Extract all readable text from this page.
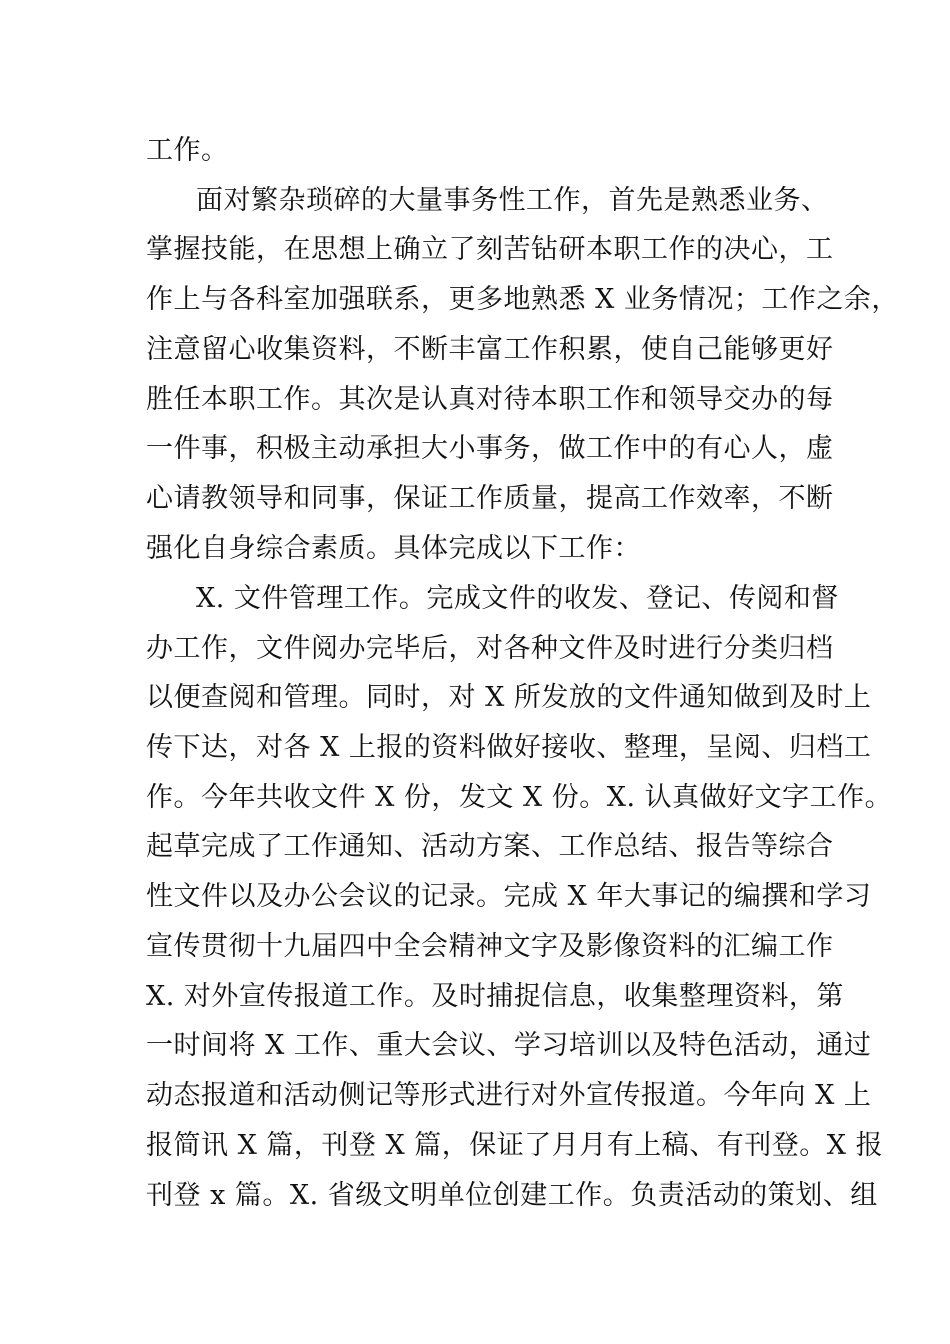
工作。
面对繁杂琐碎的大量事务性工作，首先是熟悉业务、
掌握技能，在思想上确立了刻苦钻研本职工作的决心，工
作上与各科室加强联系，更多地熟悉 X 业务情况；工作之余，
注意留心收集资料，不断丰富工作积累，使自己能够更好
胜任本职工作。其次是认真对待本职工作和领导交办的每
一件事，积极主动承担大小事务，做工作中的有心人，虚
心请教领导和同事，保证工作质量，提高工作效率，不断
强化自身综合素质。具体完成以下工作：
X. 文件管理工作。完成文件的收发、登记、传阅和督
办工作，文件阅办完毕后，对各种文件及时进行分类归档
以便查阅和管理。同时，对 X 所发放的文件通知做到及时上
传下达，对各 X 上报的资料做好接收、整理，呈阅、归档工
作。今年共收文件 X 份，发文 X 份。X. 认真做好文字工作。
起草完成了工作通知、活动方案、工作总结、报告等综合
性文件以及办公会议的记录。完成 X 年大事记的编撰和学习
宣传贯彻十九届四中全会精神文字及影像资料的汇编工作
X. 对外宣传报道工作。及时捕捉信息，收集整理资料，第
一时间将 X 工作、重大会议、学习培训以及特色活动，通过
动态报道和活动侧记等形式进行对外宣传报道。今年向 X 上
报简讯 X 篇，刊登 X 篇，保证了月月有上稿、有刊登。X 报
刊登 x 篇。X. 省级文明单位创建工作。负责活动的策划、组
